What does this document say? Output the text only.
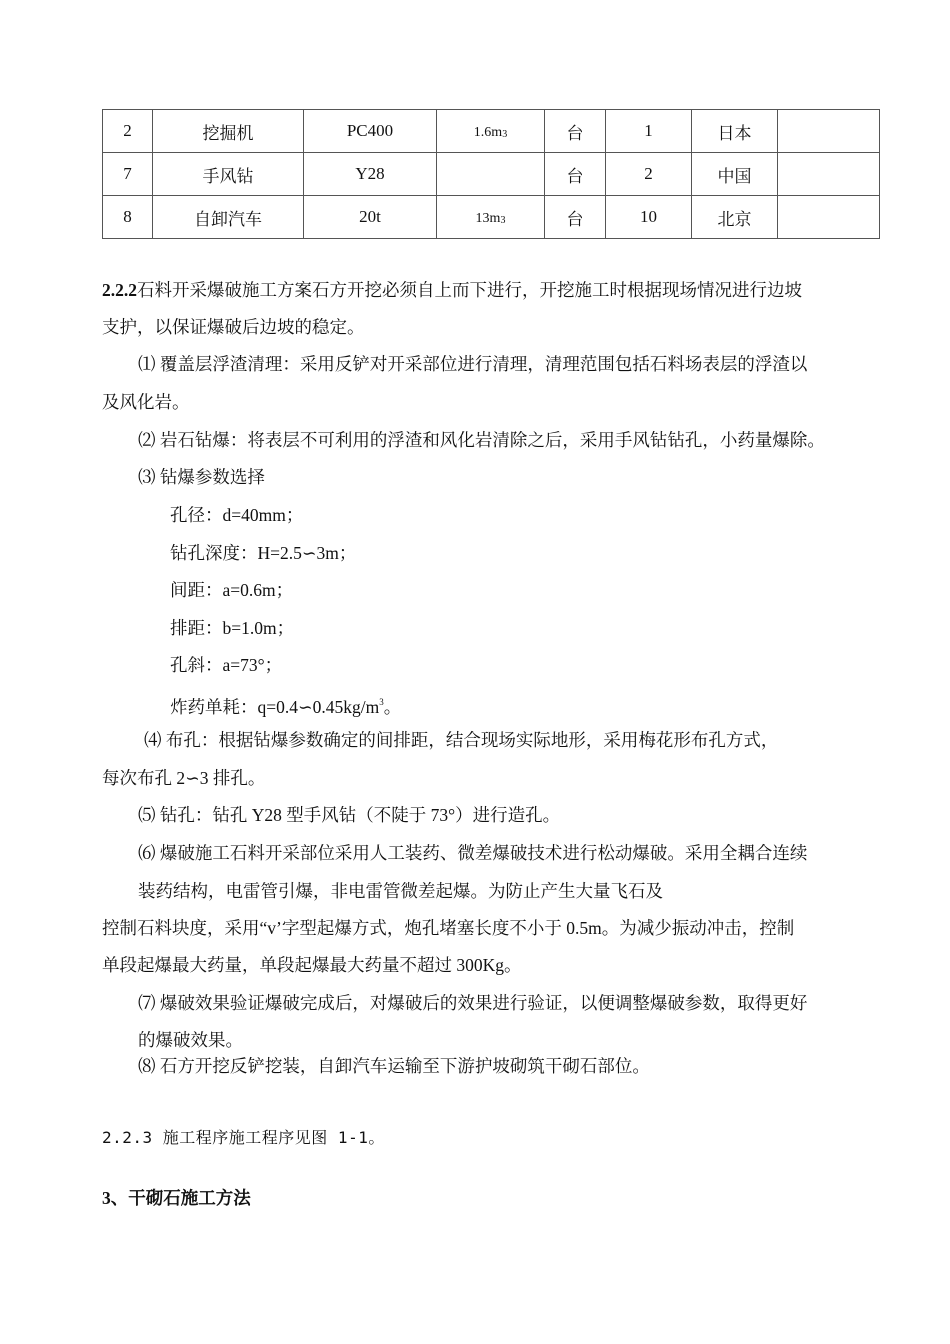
2	挖掘机	PC400	1.6m3	台	1	日本	
7	手风钻	Y28		台	2	中国	
8	自卸汽车	20t	13m3	台	10	北京	
2.2.2石料开采爆破施工方案石方开挖必须自上而下进行，开挖施工时根据现场情况进行边坡
支护，以保证爆破后边坡的稳定。
⑴ 覆盖层浮渣清理：采用反铲对开采部位进行清理，清理范围包括石料场表层的浮渣以
及风化岩。
⑵ 岩石钻爆：将表层不可利用的浮渣和风化岩清除之后，采用手风钻钻孔，小药量爆除。
⑶ 钻爆参数选择
孔径：d=40mm；
钻孔深度：H=2.5∽3m；
间距：a=0.6m；
排距：b=1.0m；
孔斜：a=73°；
炸药单耗：$q=0.4∽0.45kg/m^3$。
⑷ 布孔：根据钻爆参数确定的间排距，结合现场实际地形，采用梅花形布孔方式，
每次布孔 2∽3 排孔。
⑸ 钻孔：钻孔 Y28 型手风钻（不陡于 73°）进行造孔。
⑹ 爆破施工石料开采部位采用人工装药、微差爆破技术进行松动爆破。采用全耦合连续
装药结构，电雷管引爆，非电雷管微差起爆。为防止产生大量飞石及
控制石料块度，采用“v’字型起爆方式，炮孔堵塞长度不小于 0.5m。为减少振动冲击，控制
单段起爆最大药量，单段起爆最大药量不超过 300Kg。
⑺ 爆破效果验证爆破完成后，对爆破后的效果进行验证，以便调整爆破参数，取得更好
的爆破效果。
⑻ 石方开挖反铲挖装，自卸汽车运输至下游护坡砌筑干砌石部位。
2.2.3 施工程序施工程序见图 1-1。
3、干砌石施工方法
